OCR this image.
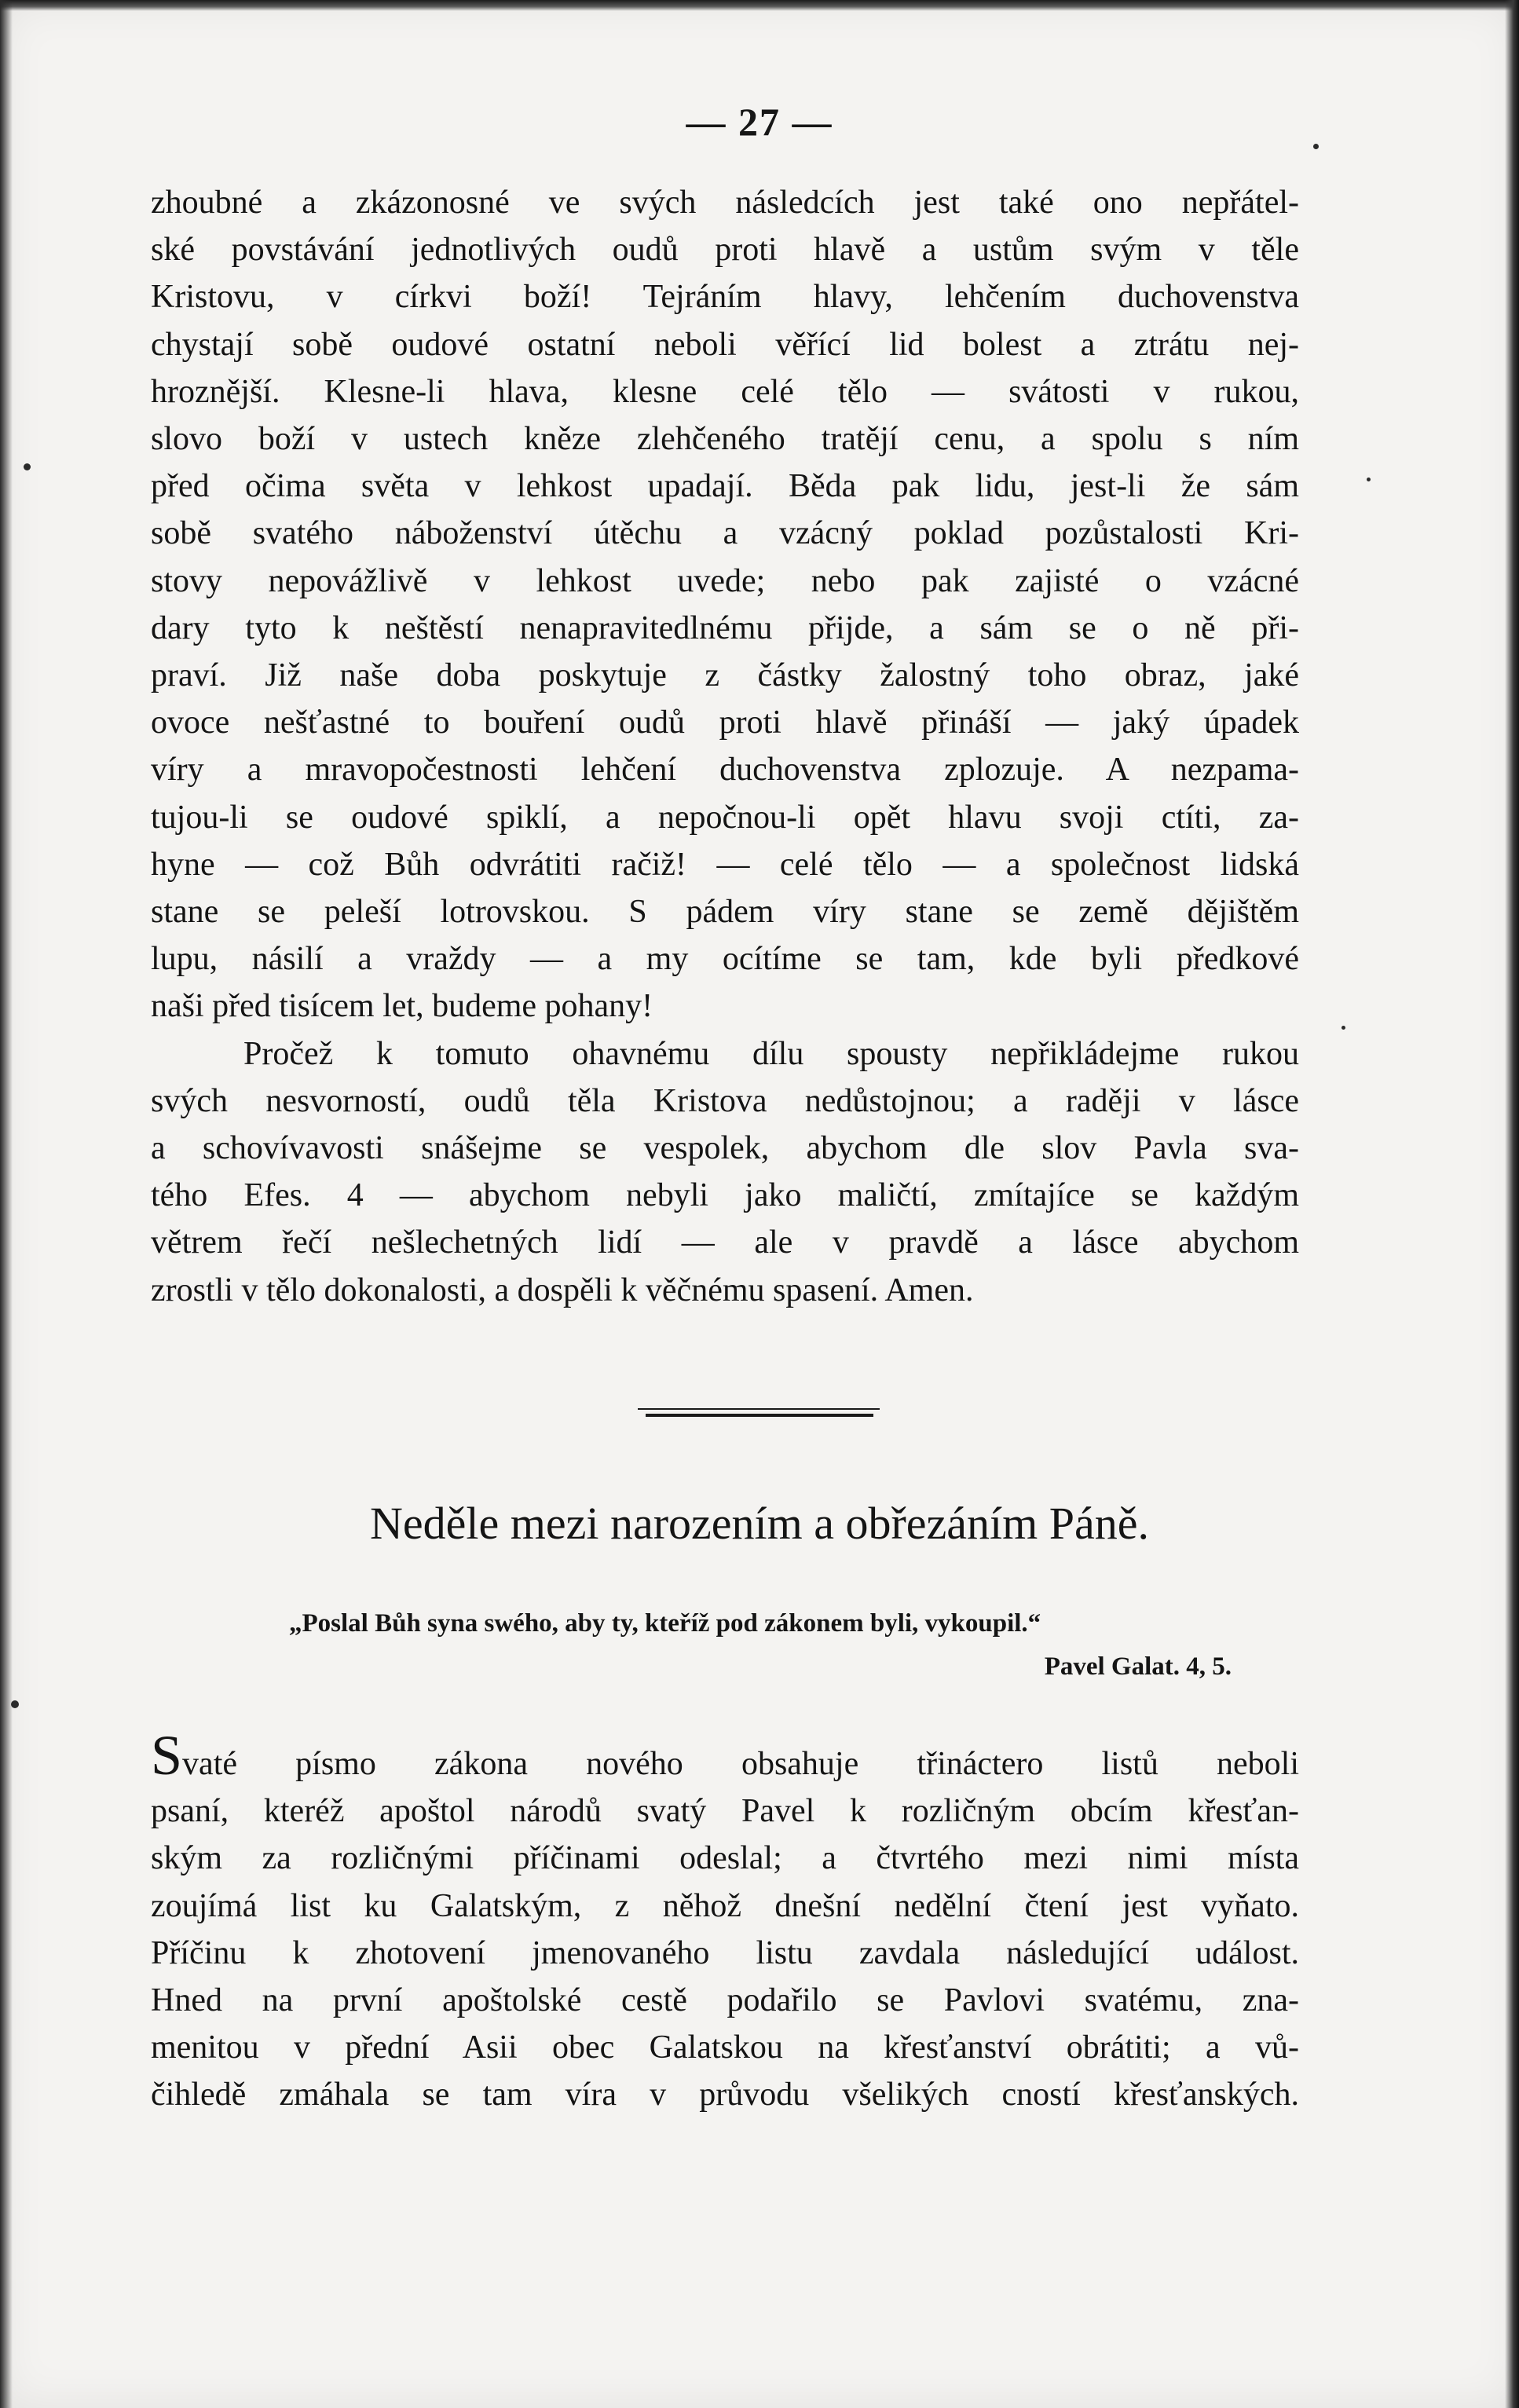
— 27 —

zhoubné a zkázonosné ve svých následcích jest také ono nepřátel-
ské povstávání jednotlivých oudů proti hlavě a ustům svým v těle
Kristovu, v církvi boží! Tejráním hlavy, lehčením duchovenstva
chystají sobě oudové ostatní neboli věřící lid bolest a ztrátu nej-
hroznější. Klesne-li hlava, klesne celé tělo — svátosti v rukou,
slovo boží v ustech kněze zlehčeného tratějí cenu, a spolu s ním
před očima světa v lehkost upadají. Běda pak lidu, jest-li že sám
sobě svatého náboženství útěchu a vzácný poklad pozůstalosti Kri-
stovy nepovážlivě v lehkost uvede; nebo pak zajisté o vzácné
dary tyto k neštěstí nenapravitedlnému přijde, a sám se o ně při-
praví. Již naše doba poskytuje z částky žalostný toho obraz, jaké
ovoce nešťastné to bouření oudů proti hlavě přináší — jaký úpadek
víry a mravopočestnosti lehčení duchovenstva zplozuje. A nezpama-
tujou-li se oudové spiklí, a nepočnou-li opět hlavu svoji ctíti, za-
hyne — což Bůh odvrátiti račiž! — celé tělo — a společnost lidská
stane se peleší lotrovskou. S pádem víry stane se země dějištěm
lupu, násilí a vraždy — a my ocítíme se tam, kde byli předkové
naši před tisícem let, budeme pohany!

Pročež k tomuto ohavnému dílu spousty nepřikládejme rukou
svých nesvorností, oudů těla Kristova nedůstojnou; a raději v lásce
a schovívavosti snášejme se vespolek, abychom dle slov Pavla sva-
tého Efes. 4 — abychom nebyli jako maličtí, zmítajíce se každým
větrem řečí nešlechetných lidí — ale v pravdě a lásce abychom
zrostli v tělo dokonalosti, a dospěli k věčnému spasení. Amen.

Neděle mezi narozením a obřezáním Páně.
„Poslal Bůh syna swého, aby ty, kteříž pod zákonem byli, vykoupil.“
Pavel Galat. 4, 5.

Svaté písmo zákona nového obsahuje třináctero listů neboli
psaní, kteréž apoštol národů svatý Pavel k rozličným obcím křesťan-
ským za rozličnými příčinami odeslal; a čtvrtého mezi nimi místa
zoujímá list ku Galatským, z něhož dnešní nedělní čtení jest vyňato.
Příčinu k zhotovení jmenovaného listu zavdala následující událost.
Hned na první apoštolské cestě podařilo se Pavlovi svatému, zna-
menitou v přední Asii obec Galatskou na křesťanství obrátiti; a vů-
čihledě zmáhala se tam víra v průvodu všelikých cností křesťanských.
